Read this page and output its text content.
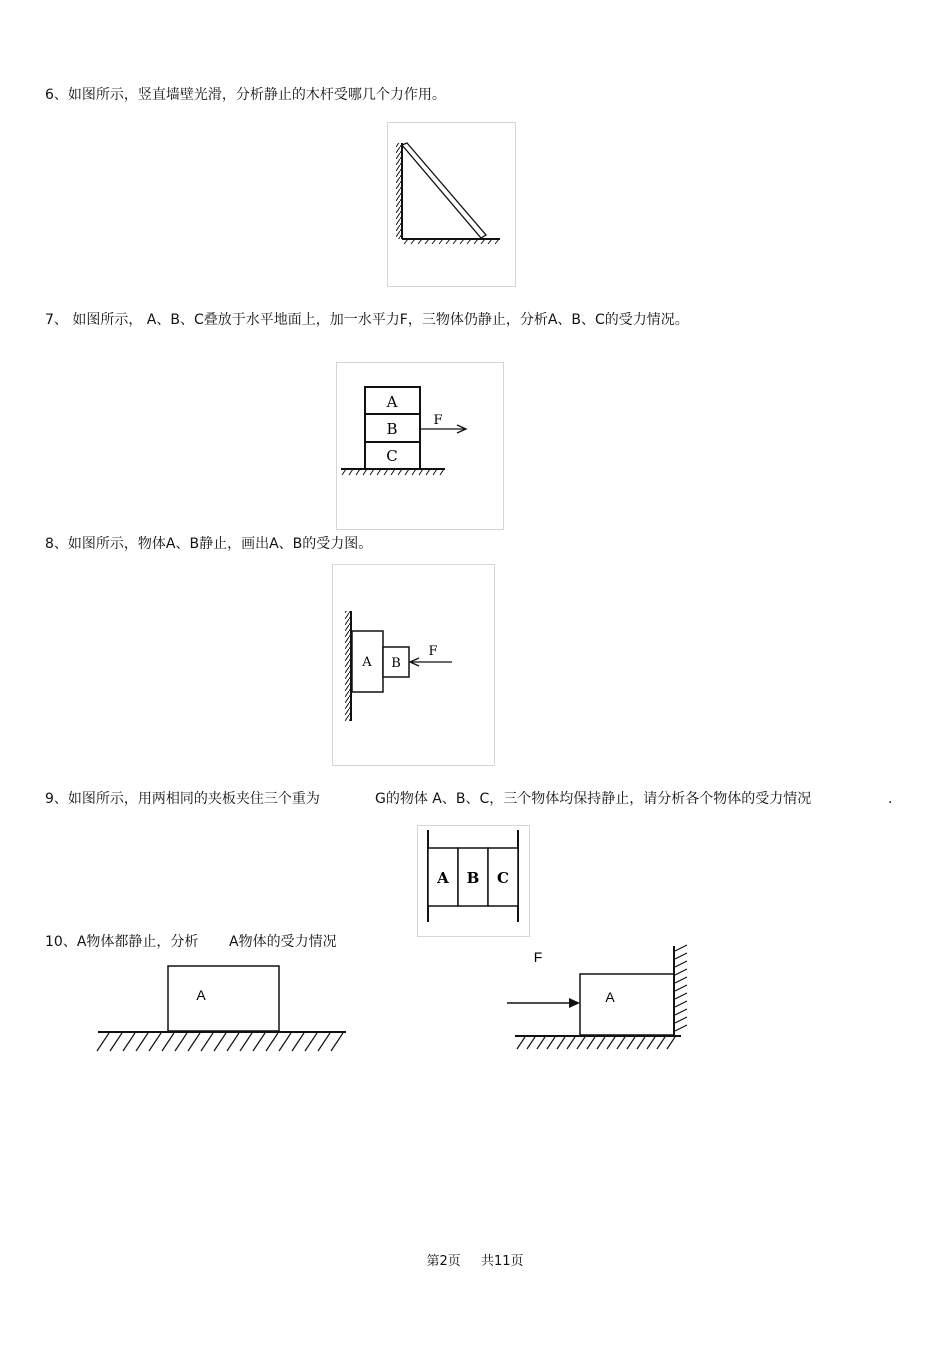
6、如图所示，竖直墙壁光滑，分析静止的木杆受哪几个力作用。
7、 如图所示， A、B、C叠放于水平地面上，加一水平力F，三物体仍静止，分析A、B、C的受力情况。
A
B
C
F
8、如图所示，物体A、B静止，画出A、B的受力图。
A B
F
9、如图所示，用两相同的夹板夹住三个重为	G的物体 A、B、C，三个物体均保持静止，请分析各个物体的受力情况	.
A B C
10、A物体都静止，分析 A物体的受力情况
A
F
A
第2页 共11页
